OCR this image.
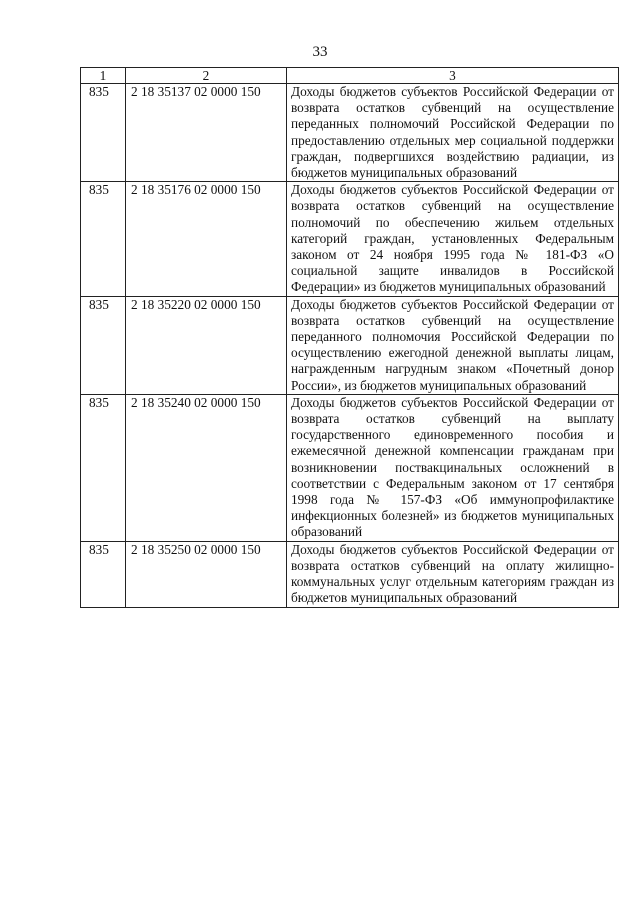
33
1	2	3
835	2 18 35137 02 0000 150	Доходы бюджетов субъектов Российской Федерации от возврата остатков субвенций на осуществление переданных полномочий Российской Федерации по предоставлению отдельных мер социальной поддержки граждан, подвергшихся воздействию радиации, из бюджетов муниципальных образований
835	2 18 35176 02 0000 150	Доходы бюджетов субъектов Российской Федерации от возврата остатков субвенций на осуществление полномочий по обеспечению жильем отдельных категорий граждан, установленных Федеральным законом от 24 ноября 1995 года № 181-ФЗ «О социальной защите инвалидов в Российской Федерации» из бюджетов муниципальных образований
835	2 18 35220 02 0000 150	Доходы бюджетов субъектов Российской Федерации от возврата остатков субвенций на осуществление переданного полномочия Российской Федерации по осуществлению ежегодной денежной выплаты лицам, награжденным нагрудным знаком «Почетный донор России», из бюджетов муниципальных образований
835	2 18 35240 02 0000 150	Доходы бюджетов субъектов Российской Федерации от возврата остатков субвенций на выплату государственного единовременного пособия и ежемесячной денежной компенсации гражданам при возникновении поствакцинальных осложнений в соответствии с Федеральным законом от 17 сентября 1998 года № 157-ФЗ «Об иммунопрофилактике инфекционных болезней» из бюджетов муниципальных образований
835	2 18 35250 02 0000 150	Доходы бюджетов субъектов Российской Федерации от возврата остатков субвенций на оплату жилищно-коммунальных услуг отдельным категориям граждан из бюджетов муниципальных образований
